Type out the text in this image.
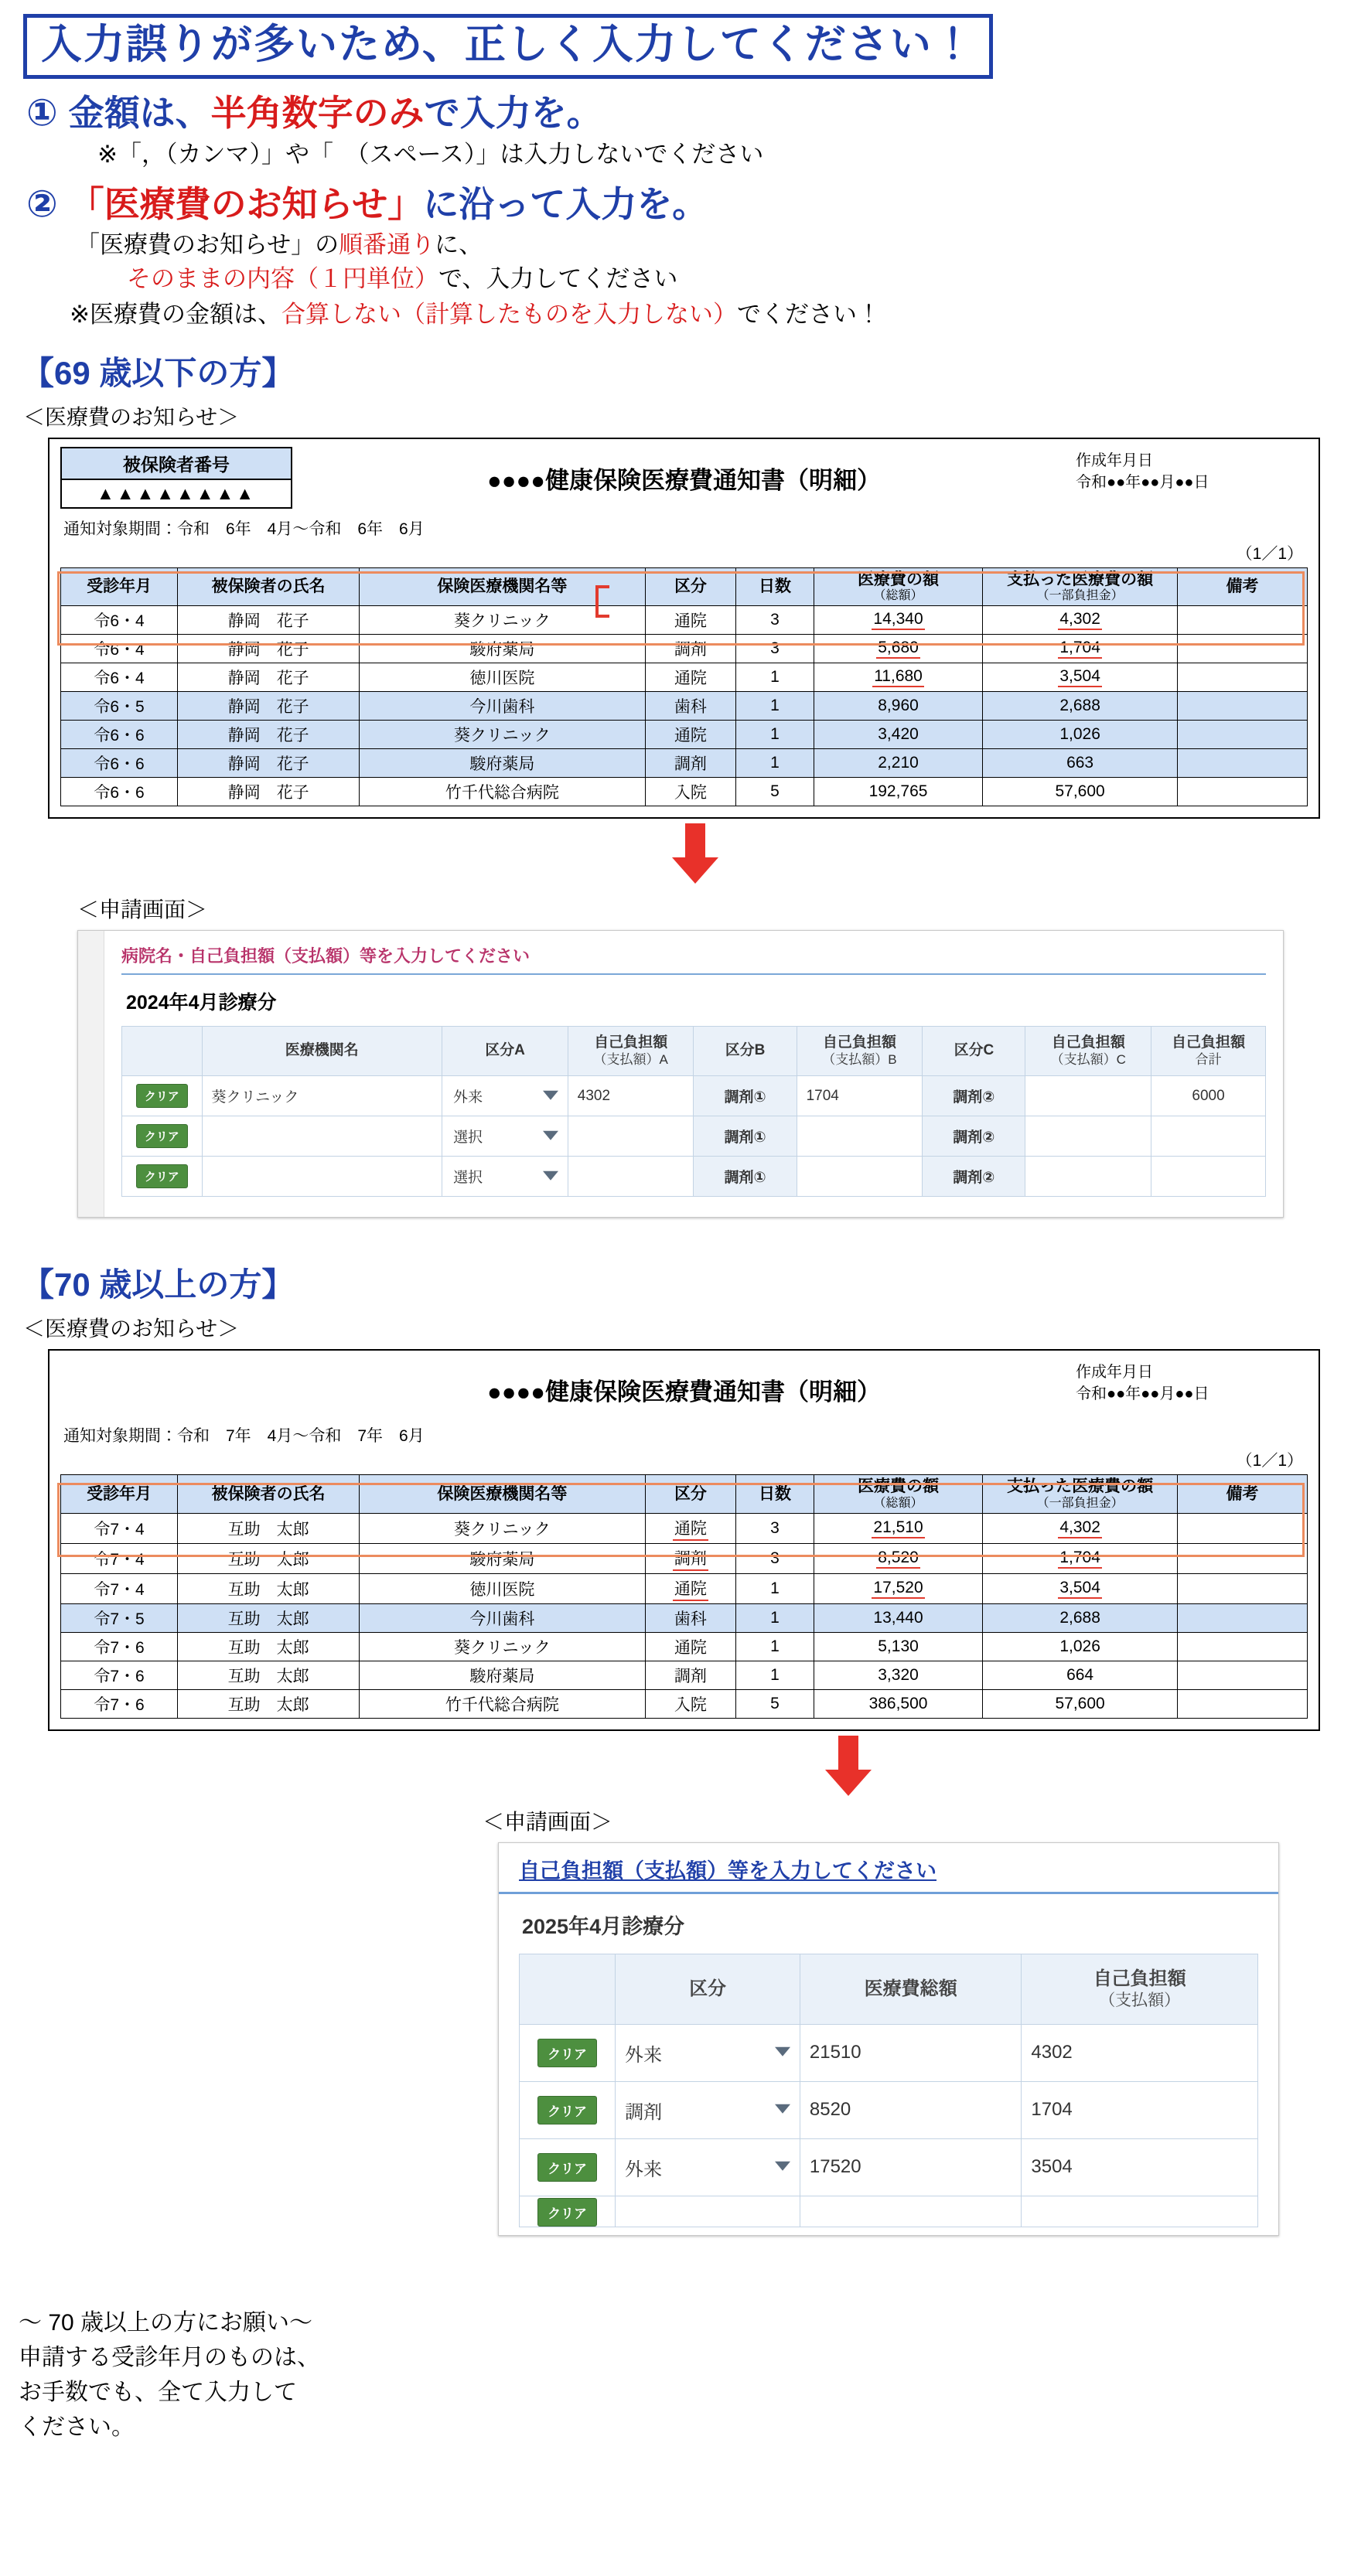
入力誤りが多いため、正しく入力してください！
① 金額は、半角数字のみで入力を。
※「，（カンマ）」や「　（スペース）」は入力しないでください
② 「医療費のお知らせ」に沿って入力を。
「医療費のお知らせ」の順番通りに、
そのままの内容（１円単位）で、入力してください
※医療費の金額は、合算しない（計算したものを入力しない）でください！
【69 歳以下の方】
＜医療費のお知らせ＞
被保険者番号
▲▲▲▲▲▲▲▲	●●●●健康保険医療費通知書（明細）
作成年月日
令和●●年●●月●●日
通知対象期間：令和　6年　4月～令和　6年　6月
（1／1）
受診年月	被保険者の氏名	保険医療機関名等	区分	日数	医療費の額
（総額）	支払った医療費の額
（一部負担金）	備考
令6・4	静岡　花子	葵クリニック	通院	3	14,340	4,302	
令6・4	静岡　花子	駿府薬局	調剤	3	5,680	1,704	
令6・4	静岡　花子	徳川医院	通院	1	11,680	3,504	
令6・5	静岡　花子	今川歯科	歯科	1	8,960	2,688	
令6・6	静岡　花子	葵クリニック	通院	1	3,420	1,026	
令6・6	静岡　花子	駿府薬局	調剤	1	2,210	663	
令6・6	静岡　花子	竹千代総合病院	入院	5	192,765	57,600	
＜申請画面＞
病院名・自己負担額（支払額）等を入力してください
2024年4月診療分
	医療機関名	区分A	自己負担額
（支払額）A	区分B	自己負担額
（支払額）B	区分C	自己負担額
（支払額）C	自己負担額
合計

クリア	葵クリニック	外来	4302	調剤①	1704	調剤②		6000
クリア		選択		調剤①		調剤②		
クリア		選択		調剤①		調剤②		
【70 歳以上の方】
＜医療費のお知らせ＞
●●●●健康保険医療費通知書（明細）
作成年月日
令和●●年●●月●●日
通知対象期間：令和　7年　4月～令和　7年　6月
（1／1）
受診年月	被保険者の氏名	保険医療機関名等	区分	日数	医療費の額
（総額）	支払った医療費の額
（一部負担金）	備考
令7・4	互助　太郎	葵クリニック	通院	3	21,510	4,302	
令7・4	互助　太郎	駿府薬局	調剤	3	8,520	1,704	
令7・4	互助　太郎	徳川医院	通院	1	17,520	3,504	
令7・5	互助　太郎	今川歯科	歯科	1	13,440	2,688	
令7・6	互助　太郎	葵クリニック	通院	1	5,130	1,026	
令7・6	互助　太郎	駿府薬局	調剤	1	3,320	664	
令7・6	互助　太郎	竹千代総合病院	入院	5	386,500	57,600	
＜申請画面＞
自己負担額（支払額）等を入力してください
2025年4月診療分
	区分	医療費総額	自己負担額
（支払額）

クリア	外来	21510	4302
クリア	調剤	8520	1704
クリア	外来	17520	3504
クリア			
～ 70 歳以上の方にお願い～
申請する受診年月のものは、
お手数でも、全て入力して
ください。
